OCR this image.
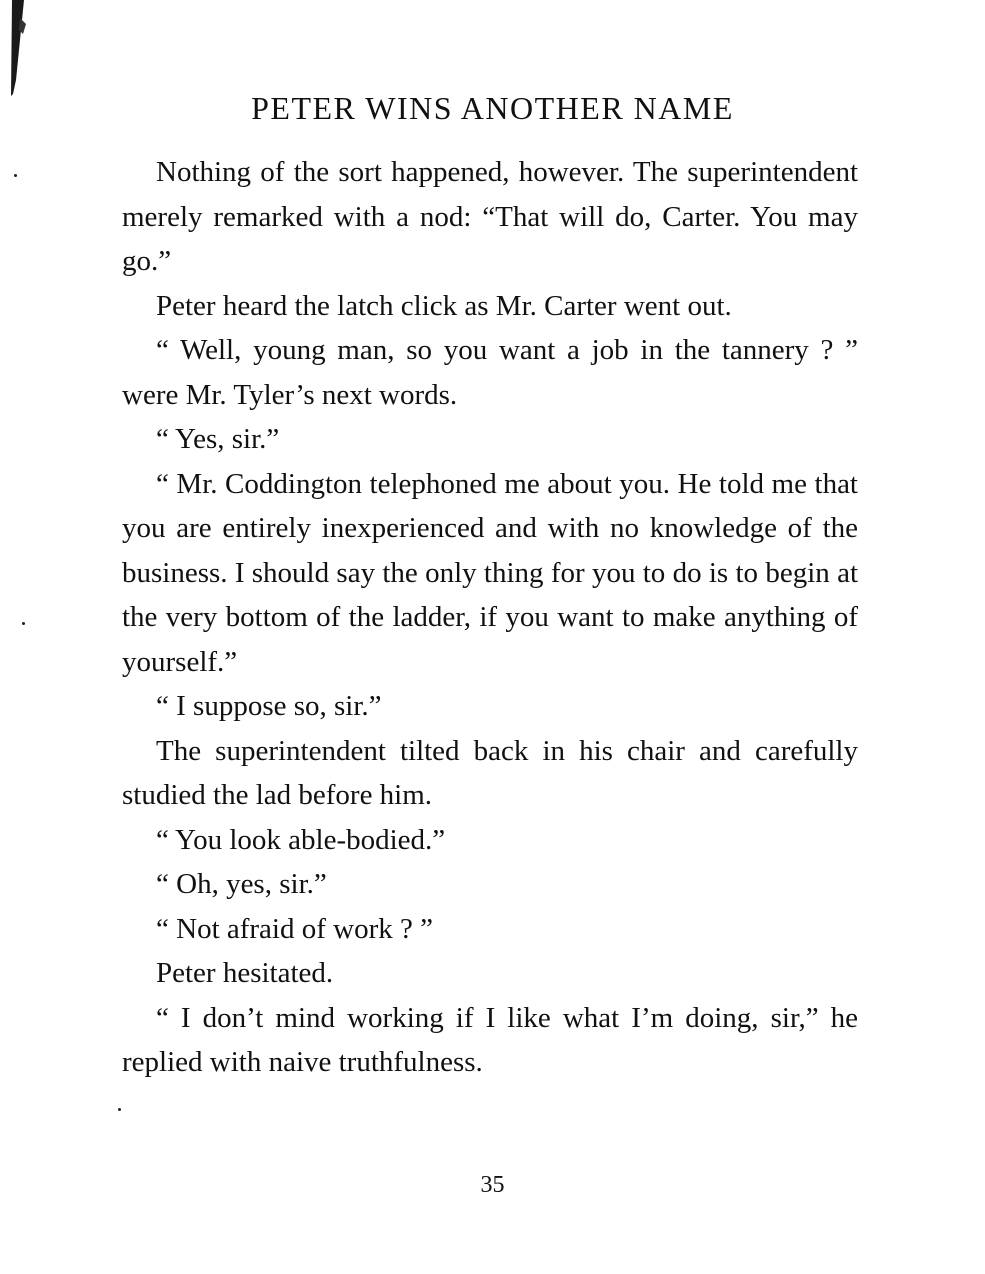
PETER WINS ANOTHER NAME

Nothing of the sort happened, however. The superintendent merely remarked with a nod: “That will do, Carter. You may go.”

Peter heard the latch click as Mr. Carter went out.

“ Well, young man, so you want a job in the tannery ? ” were Mr. Tyler’s next words.

“ Yes, sir.”

“ Mr. Coddington telephoned me about you. He told me that you are entirely inexperienced and with no knowledge of the business. I should say the only thing for you to do is to begin at the very bottom of the ladder, if you want to make anything of yourself.”

“ I suppose so, sir.”

The superintendent tilted back in his chair and carefully studied the lad before him.

“ You look able-bodied.”

“ Oh, yes, sir.”

“ Not afraid of work ? ”

Peter hesitated.

“ I don’t mind working if I like what I’m doing, sir,” he replied with naive truthfulness.

35
